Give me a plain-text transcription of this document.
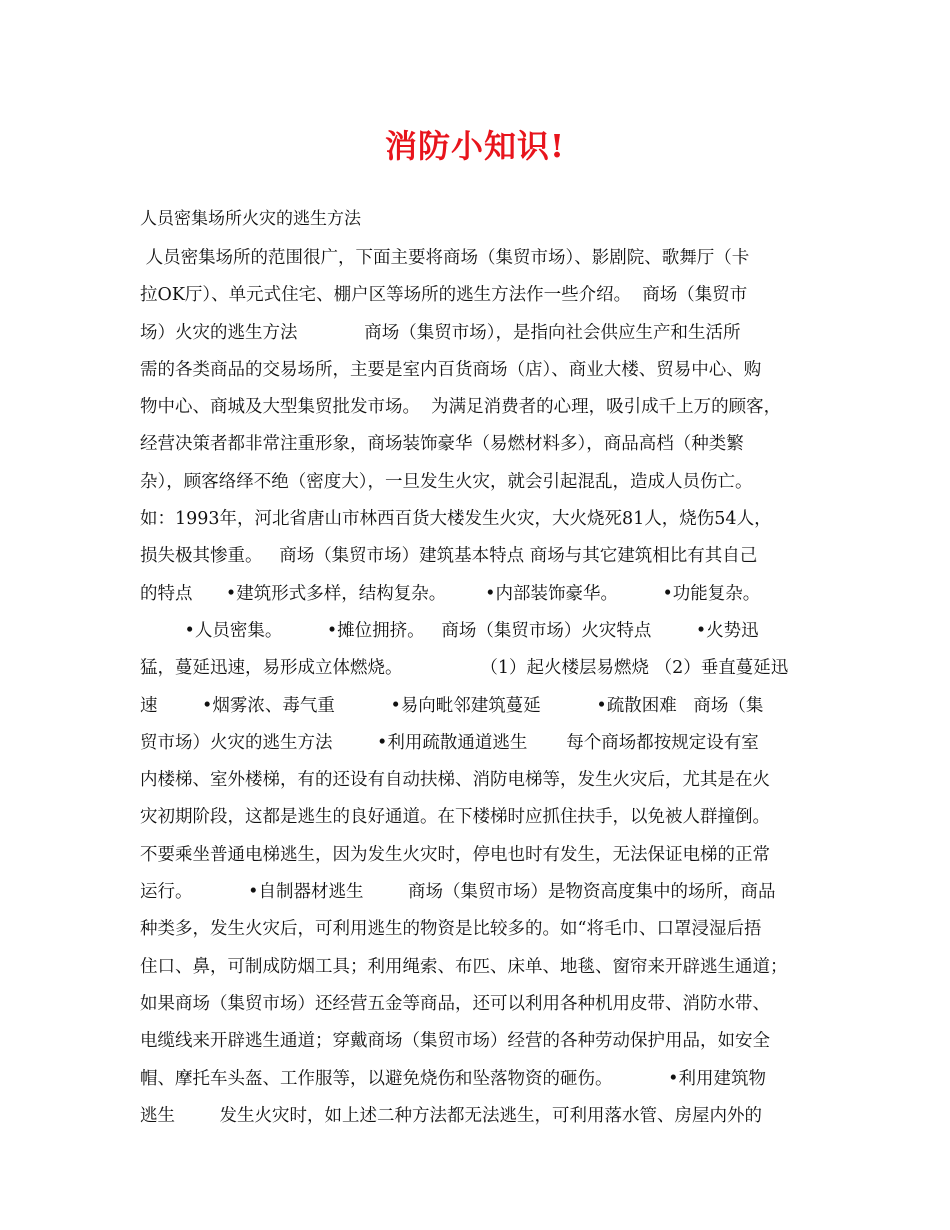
消防小知识!
人员密集场所火灾的逃生方法
人员密集场所的范围很广，下面主要将商场（集贸市场）、影剧院、歌舞厅（卡
拉OK厅）、单元式住宅、棚户区等场所的逃生方法作一些介绍。  商场（集贸市
场）火灾的逃生方法            商场（集贸市场），是指向社会供应生产和生活所
需的各类商品的交易场所，主要是室内百货商场（店）、商业大楼、贸易中心、购
物中心、商城及大型集贸批发市场。  为满足消费者的心理，吸引成千上万的顾客，
经营决策者都非常注重形象，商场装饰豪华（易燃材料多），商品高档（种类繁
杂），顾客络绎不绝（密度大），一旦发生火灾，就会引起混乱，造成人员伤亡。
如：1993年，河北省唐山市林西百货大楼发生火灾，大火烧死81人，烧伤54人，
损失极其惨重。   商场（集贸市场）建筑基本特点 商场与其它建筑相比有其自己
的特点      •建筑形式多样，结构复杂。       •内部装饰豪华。        •功能复杂。
•人员密集。        •摊位拥挤。   商场（集贸市场）火灾特点        •火势迅
猛，蔓延迅速，易形成立体燃烧。              （1）起火楼层易燃烧 （2）垂直蔓延迅
速        •烟雾浓、毒气重          •易向毗邻建筑蔓延          •疏散困难   商场（集
贸市场）火灾的逃生方法        •利用疏散通道逃生       每个商场都按规定设有室
内楼梯、室外楼梯，有的还设有自动扶梯、消防电梯等，发生火灾后，尤其是在火
灾初期阶段，这都是逃生的良好通道。在下楼梯时应抓住扶手，以免被人群撞倒。
不要乘坐普通电梯逃生，因为发生火灾时，停电也时有发生，无法保证电梯的正常
运行。          •自制器材逃生        商场（集贸市场）是物资高度集中的场所，商品
种类多，发生火灾后，可利用逃生的物资是比较多的。如“将毛巾、口罩浸湿后捂
住口、鼻，可制成防烟工具；利用绳索、布匹、床单、地毯、窗帘来开辟逃生通道；
如果商场（集贸市场）还经营五金等商品，还可以利用各种机用皮带、消防水带、
电缆线来开辟逃生通道；穿戴商场（集贸市场）经营的各种劳动保护用品，如安全
帽、摩托车头盔、工作服等，以避免烧伤和坠落物资的砸伤。          •利用建筑物
逃生        发生火灾时，如上述二种方法都无法逃生，可利用落水管、房屋内外的
